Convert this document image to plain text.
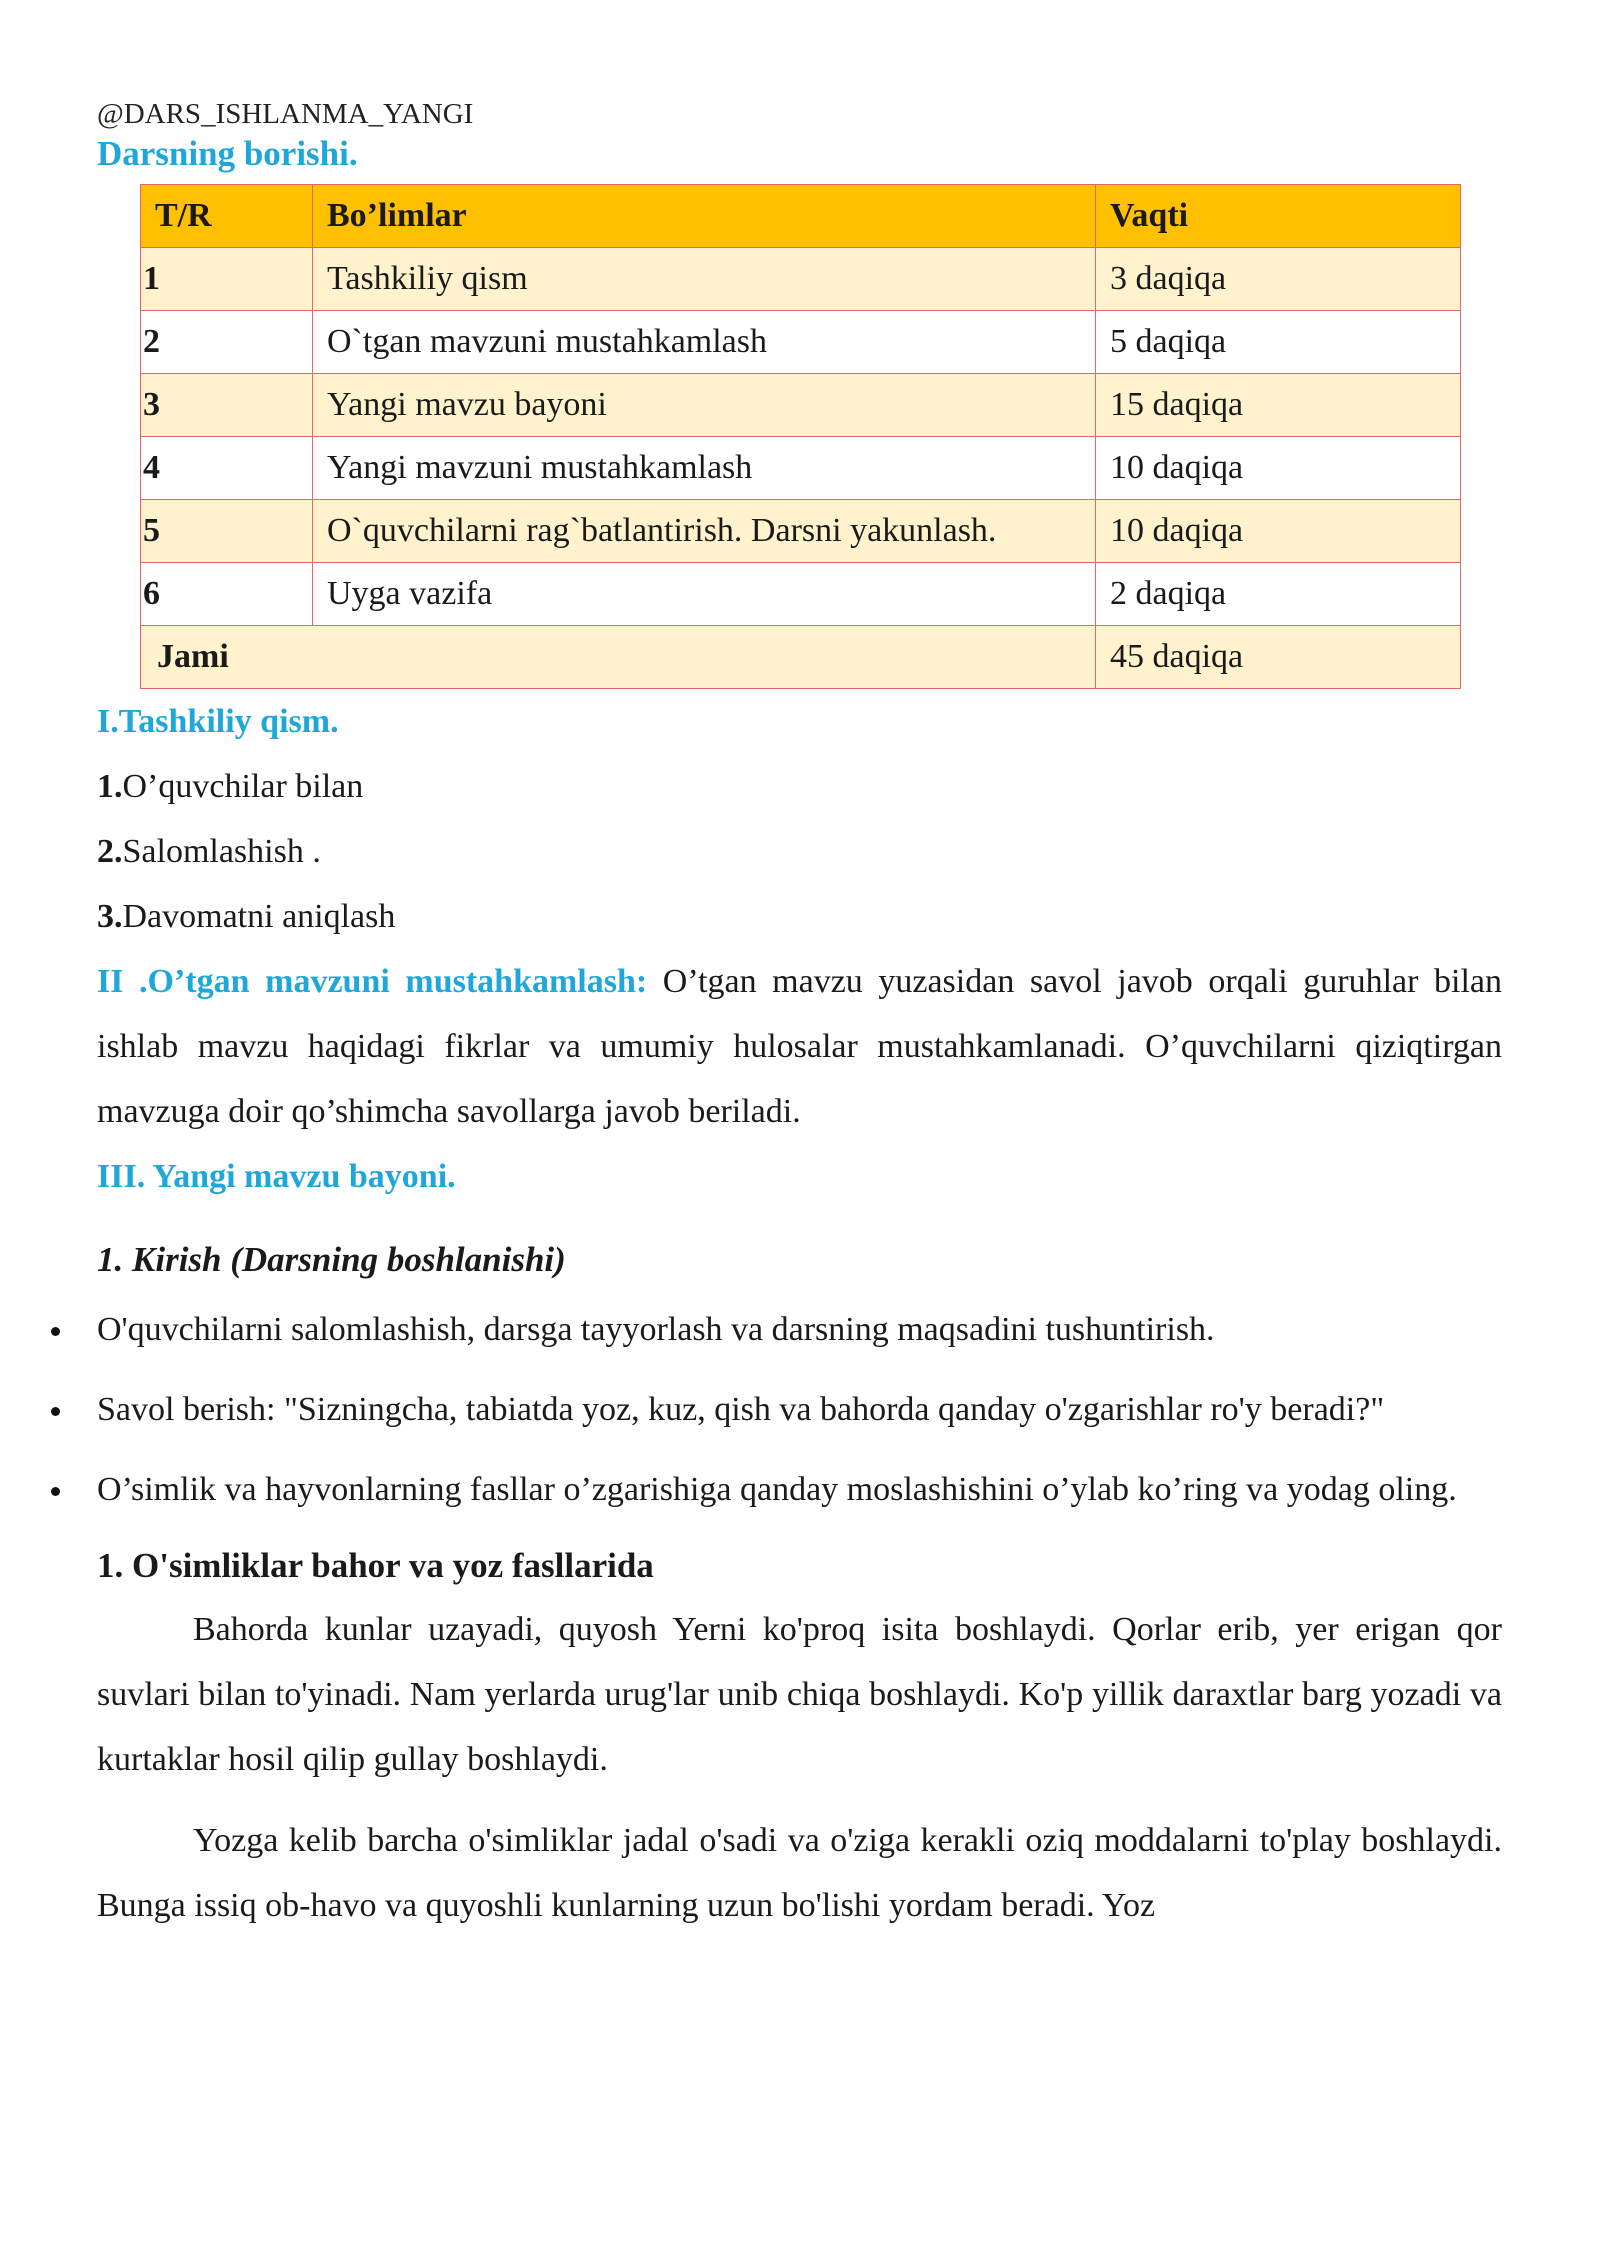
@DARS_ISHLANMA_YANGI

Darsning borishi.
T/R	Bo’limlar	Vaqti
1	Tashkiliy qism	3 daqiqa
2	O`tgan mavzuni mustahkamlash	5 daqiqa
3	Yangi mavzu bayoni	15 daqiqa
4	Yangi mavzuni mustahkamlash	10 daqiqa
5	O`quvchilarni rag`batlantirish. Darsni yakunlash.	10 daqiqa
6	Uyga vazifa	2 daqiqa
Jami		45 daqiqa
I.Tashkiliy qism.

1.O’quvchilar bilan

2.Salomlashish .

3.Davomatni aniqlash

II .O’tgan mavzuni mustahkamlash: O’tgan mavzu yuzasidan savol javob orqali guruhlar bilan ishlab mavzu haqidagi fikrlar va umumiy hulosalar mustahkamlanadi. O’quvchilarni qiziqtirgan mavzuga doir qo’shimcha savollarga javob beriladi.

III. Yangi mavzu bayoni.

1. Kirish (Darsning boshlanishi)

O'quvchilarni salomlashish, darsga tayyorlash va darsning maqsadini tushuntirish.
Savol berish: "Sizningcha, tabiatda yoz, kuz, qish va bahorda qanday o'zgarishlar ro'y beradi?"
O’simlik va hayvonlarning fasllar o’zgarishiga qanday moslashishini o’ylab ko’ring va yodag oling.

1. O'simliklar bahor va yoz fasllarida

Bahorda kunlar uzayadi, quyosh Yerni ko'proq isita boshlaydi. Qorlar erib, yer erigan qor suvlari bilan to'yinadi. Nam yerlarda urug'lar unib chiqa boshlaydi. Ko'p yillik daraxtlar barg yozadi va kurtaklar hosil qilip gullay boshlaydi.

Yozga kelib barcha o'simliklar jadal o'sadi va o'ziga kerakli oziq moddalarni to'play boshlaydi. Bunga issiq ob-havo va quyoshli kunlarning uzun bo'lishi yordam beradi. Yoz
